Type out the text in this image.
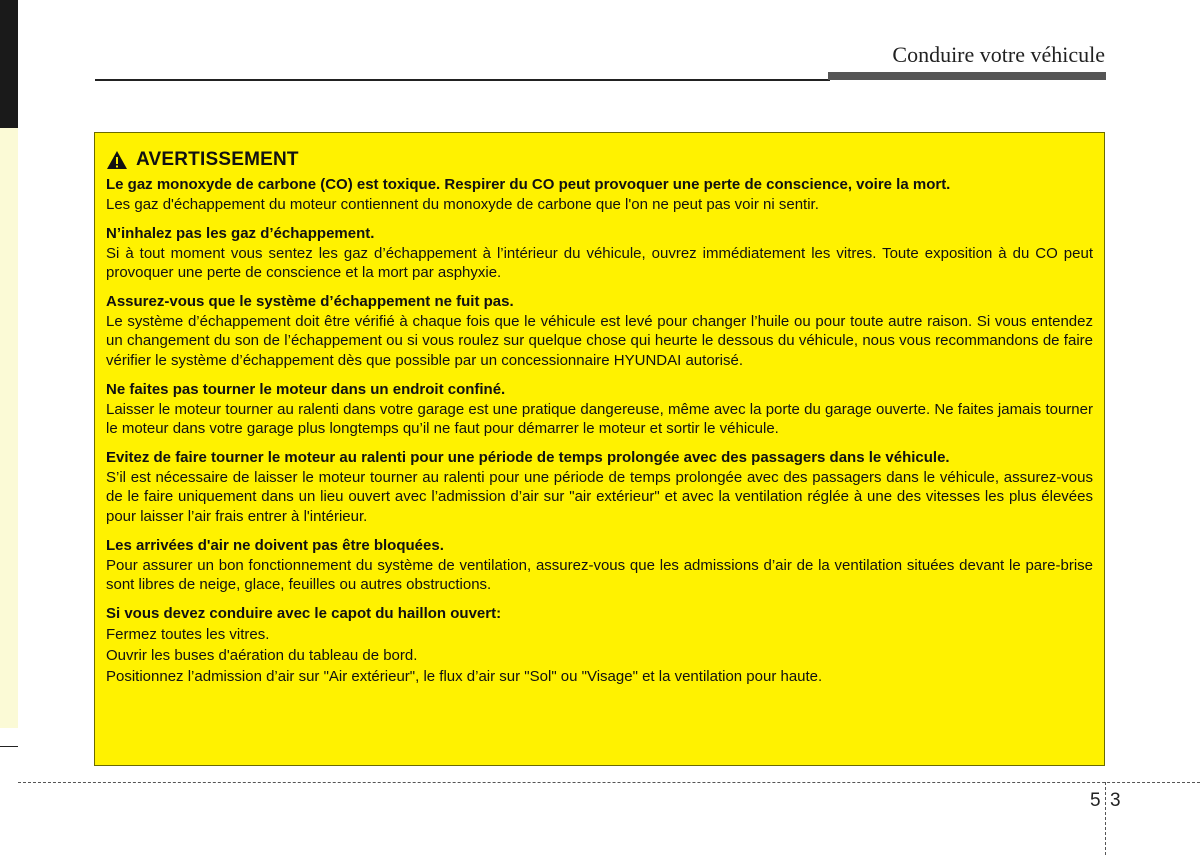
Conduire votre véhicule
AVERTISSEMENT
Le gaz monoxyde de carbone (CO) est toxique. Respirer du CO peut provoquer une perte de conscience, voire la mort.
Les gaz d'échappement du moteur contiennent du monoxyde de carbone que l'on ne peut pas voir ni sentir.
N’inhalez pas les gaz d’échappement.
Si à tout moment vous sentez les gaz d’échappement à l’intérieur du véhicule, ouvrez immédiatement les vitres. Toute exposition à du CO peut provoquer une perte de conscience et la mort par asphyxie.
Assurez-vous que le système d’échappement ne fuit pas.
Le système d’échappement doit être vérifié à chaque fois que le véhicule est levé pour changer l’huile ou pour toute autre raison. Si vous entendez un changement du son de l’échappement ou si vous roulez sur quelque chose qui heurte le dessous du véhicule, nous vous recommandons de faire vérifier le système d’échappement dès que possible par un concessionnaire HYUNDAI autorisé.
Ne faites pas tourner le moteur dans un endroit confiné.
Laisser le moteur tourner au ralenti dans votre garage est une pratique dangereuse, même avec la porte du garage ouverte. Ne faites jamais tourner le moteur dans votre garage plus longtemps qu’il ne faut pour démarrer le moteur et sortir le véhicule.
Evitez de faire tourner le moteur au ralenti pour une période de temps prolongée avec des passagers dans le véhicule.
S’il est nécessaire de laisser le moteur tourner au ralenti pour une période de temps prolongée avec des passagers dans le véhicule, assurez-vous de le faire uniquement dans un lieu ouvert avec l’admission d’air sur "air extérieur" et avec la ventilation réglée à une des vitesses les plus élevées pour laisser l’air frais entrer à l'intérieur.
Les arrivées d'air ne doivent pas être bloquées.
Pour assurer un bon fonctionnement du système de ventilation, assurez-vous que les admissions d’air de la ventilation situées devant le pare-brise sont libres de neige, glace, feuilles ou autres obstructions.
Si vous devez conduire avec le capot du haillon ouvert:
Fermez toutes les vitres.
Ouvrir les buses d'aération du tableau de bord.
Positionnez l’admission d’air sur "Air extérieur", le flux d’air sur "Sol" ou "Visage" et la ventilation pour haute.
5 3
